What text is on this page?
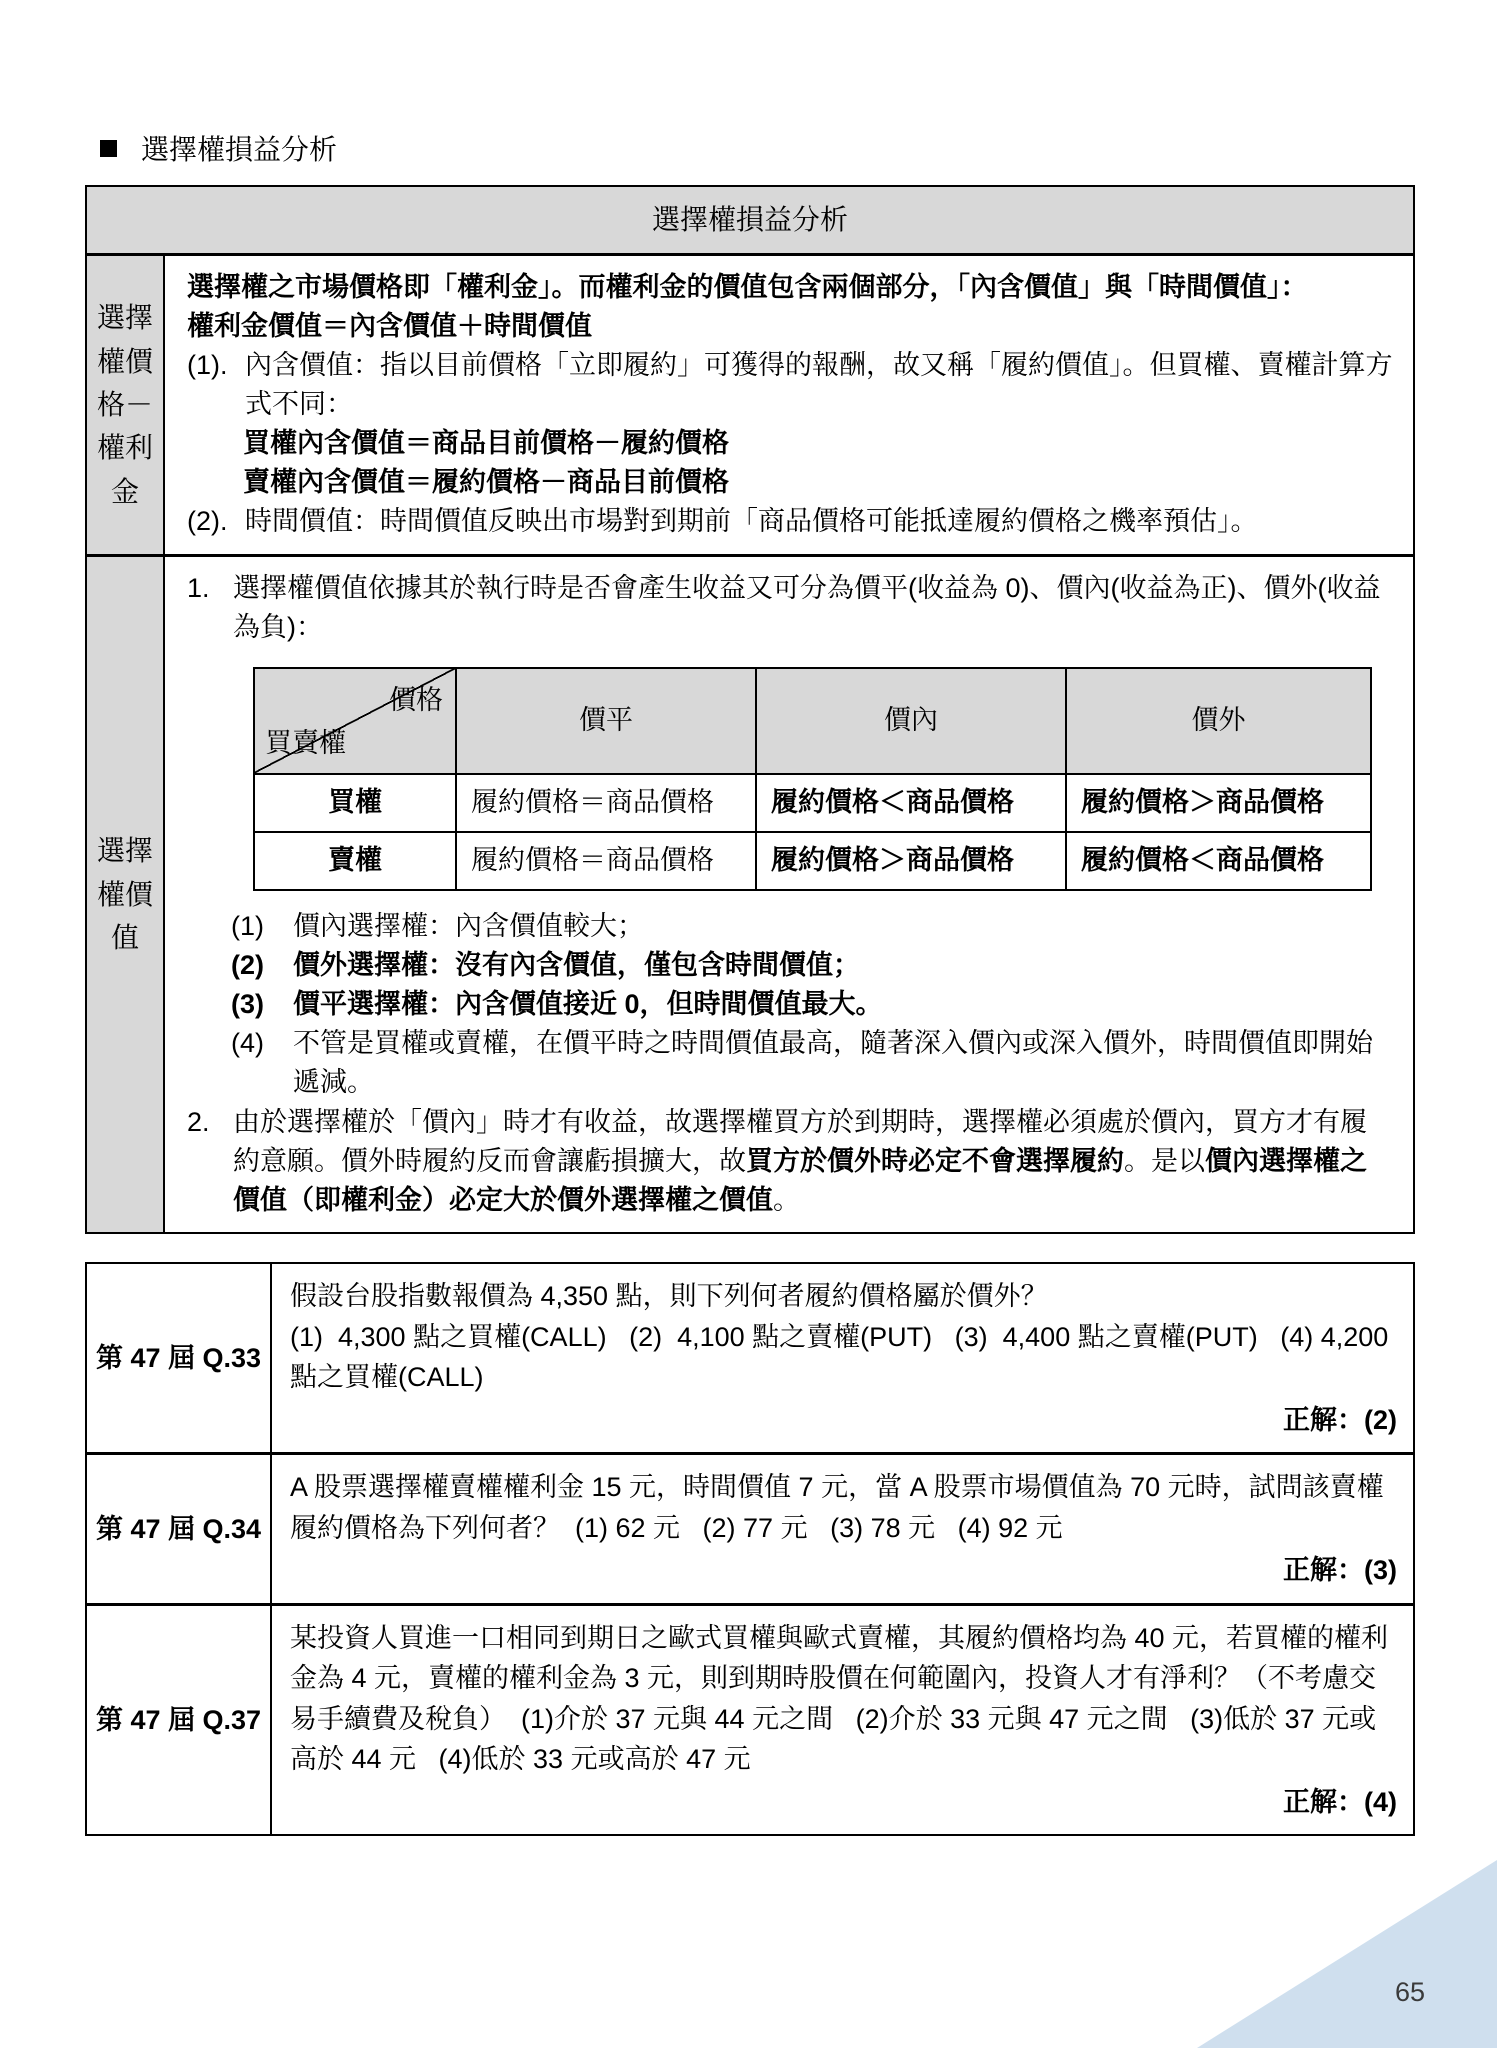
選擇權損益分析
選擇權損益分析
選擇權價格－權利金

選擇權之市場價格即「權利金」。而權利金的價值包含兩個部分，「內含價值」與「時間價值」：

權利金價值＝內含價值＋時間價值

(1). 內含價值：指以目前價格「立即履約」可獲得的報酬，故又稱「履約價值」。但買權、賣權計算方式不同：

買權內含價值＝商品目前價格－履約價格

賣權內含價值＝履約價格－商品目前價格

(2). 時間價值：時間價值反映出市場對到期前「商品價格可能抵達履約價格之機率預估」。
選擇權價值
1. 選擇權價值依據其於執行時是否會產生收益又可分為價平(收益為 0)、價內(收益為正)、價外(收益為負)：
價格
買賣權	價平	價內	價外
買權	履約價格＝商品價格	履約價格＜商品價格	履約價格＞商品價格
賣權	履約價格＝商品價格	履約價格＞商品價格	履約價格＜商品價格
(1)	價內選擇權：內含價值較大；
(2)	價外選擇權：沒有內含價值，僅包含時間價值；
(3)	價平選擇權：內含價值接近 0，但時間價值最大。
(4)	不管是買權或賣權，在價平時之時間價值最高，隨著深入價內或深入價外，時間價值即開始遞減。
2. 由於選擇權於「價內」時才有收益，故選擇權買方於到期時，選擇權必須處於價內，買方才有履約意願。價外時履約反而會讓虧損擴大，故買方於價外時必定不會選擇履約。是以價內選擇權之價值（即權利金）必定大於價外選擇權之價值。
第 47 屆 Q.33

假設台股指數報價為 4,350 點，則下列何者履約價格屬於價外？

(1)  4,300 點之買權(CALL)   (2)  4,100 點之賣權(PUT)   (3)  4,400 點之賣權(PUT)   (4) 4,200 點之買權(CALL)

正解：(2)

第 47 屆 Q.34

A 股票選擇權賣權權利金 15 元，時間價值 7 元，當 A 股票市場價值為 70 元時，試問該賣權履約價格為下列何者？  (1) 62 元   (2) 77 元   (3) 78 元   (4) 92 元

正解：(3)

第 47 屆 Q.37

某投資人買進一口相同到期日之歐式買權與歐式賣權，其履約價格均為 40 元，若買權的權利金為 4 元，賣權的權利金為 3 元，則到期時股價在何範圍內，投資人才有淨利？（不考慮交易手續費及稅負）  (1)介於 37 元與 44 元之間   (2)介於 33 元與 47 元之間   (3)低於 37 元或高於 44 元   (4)低於 33 元或高於 47 元

正解：(4)

65
